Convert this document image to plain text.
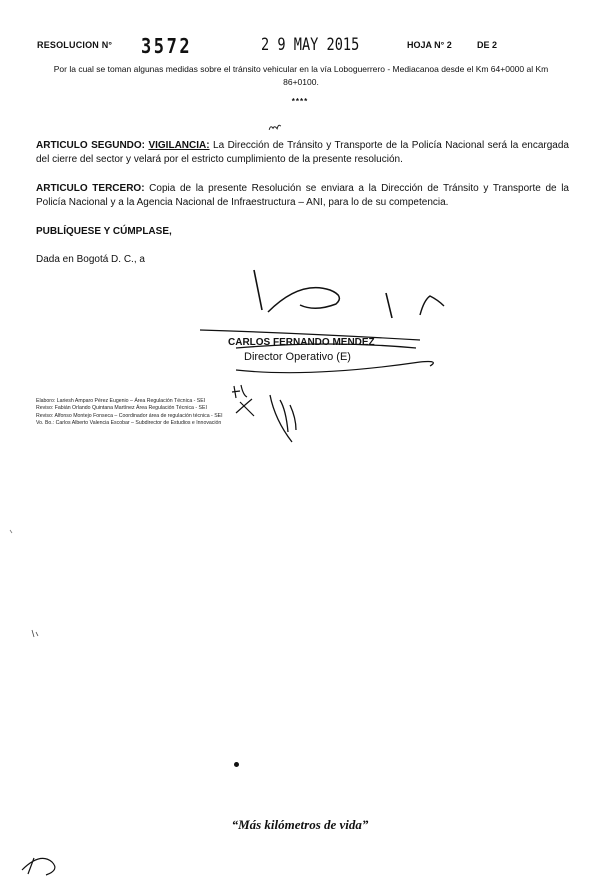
RESOLUCION N° 3572	2 9 MAY 2015	HOJA N° 2	DE 2
Por la cual se toman algunas medidas sobre el tránsito vehicular en la vía Loboguerrero - Mediacanoa desde el Km 64+0000 al Km 86+0100.
****
ARTICULO SEGUNDO: VIGILANCIA: La Dirección de Tránsito y Transporte de la Policía Nacional será la encargada del cierre del sector y velará por el estricto cumplimiento de la presente resolución.
ARTICULO TERCERO: Copia de la presente Resolución se enviara a la Dirección de Tránsito y Transporte de la Policía Nacional y a la Agencia Nacional de Infraestructura – ANI, para lo de su competencia.
PUBLÍQUESE Y CÚMPLASE,
Dada en Bogotá D. C., a
CARLOS FERNANDO MENDEZ
Director Operativo (E)
Elaboro: Lariesh Amparo Pérez Eugenio – Área Regulación Técnica - SEI
Reviso: Fabián Orlando Quintana Martínez Área Regulación Técnica - SEI
Reviso: Alfonso Montejo Fonseca – Coordinador área de regulación técnica - SEI
Vo. Bo.: Carlos Alberto Valencia Escobar – Subdirector de Estudios e Innovación
“Más kilómetros de vida”
